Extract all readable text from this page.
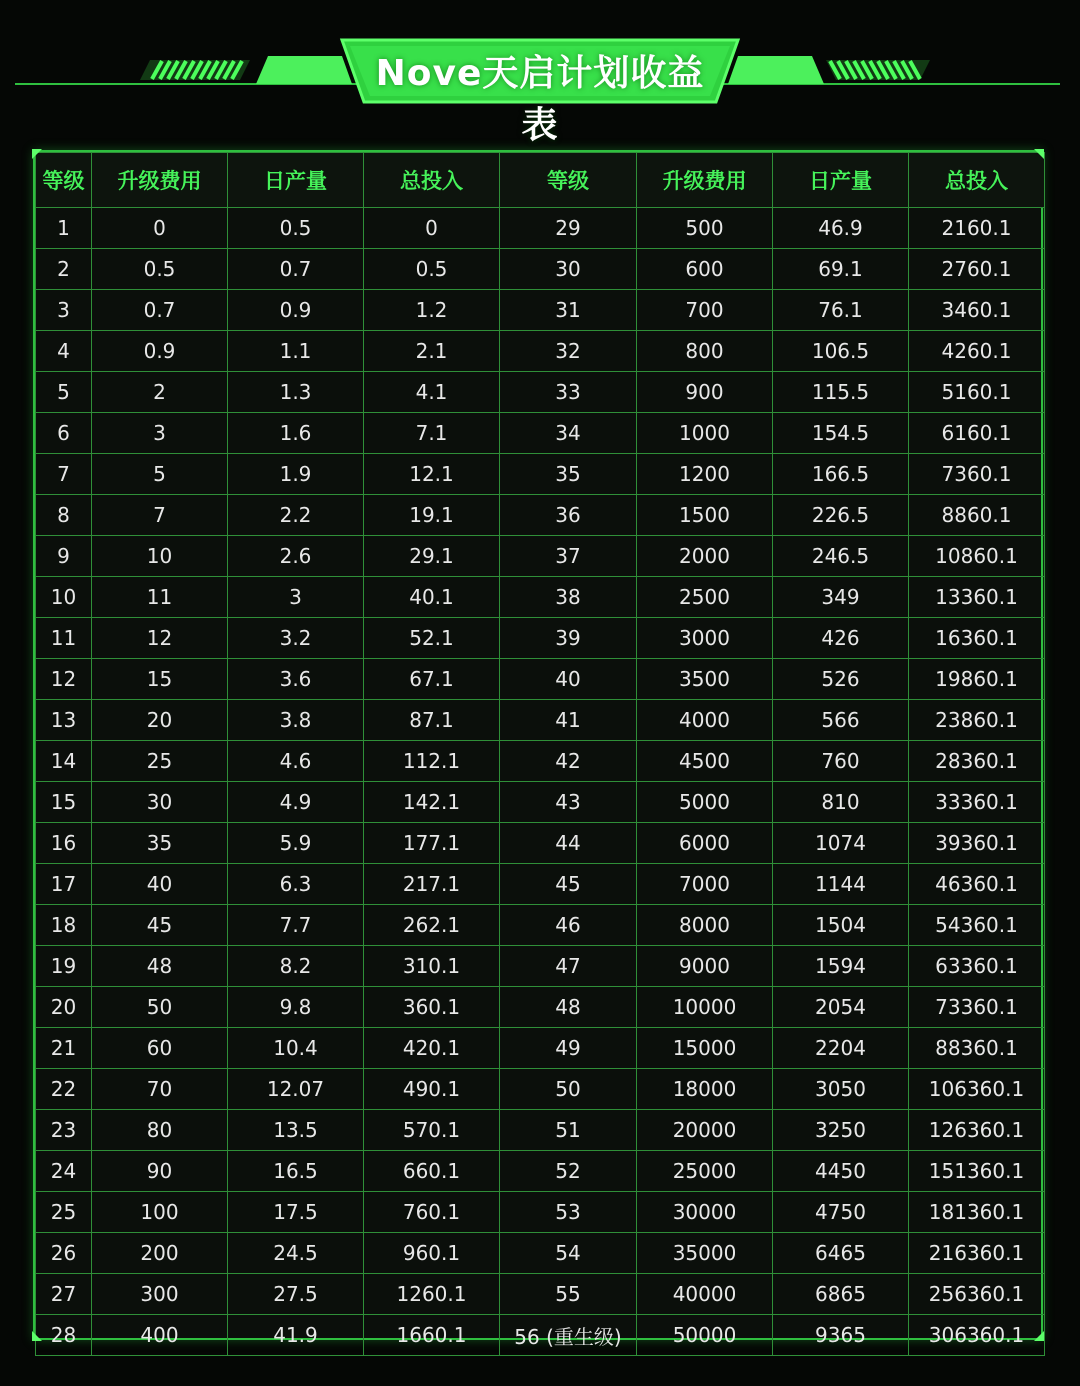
Nove天启计划收益表
等级	升级费用	日产量	总投入	等级	升级费用	日产量	总投入
1	0	0.5	0	29	500	46.9	2160.1
2	0.5	0.7	0.5	30	600	69.1	2760.1
3	0.7	0.9	1.2	31	700	76.1	3460.1
4	0.9	1.1	2.1	32	800	106.5	4260.1
5	2	1.3	4.1	33	900	115.5	5160.1
6	3	1.6	7.1	34	1000	154.5	6160.1
7	5	1.9	12.1	35	1200	166.5	7360.1
8	7	2.2	19.1	36	1500	226.5	8860.1
9	10	2.6	29.1	37	2000	246.5	10860.1
10	11	3	40.1	38	2500	349	13360.1
11	12	3.2	52.1	39	3000	426	16360.1
12	15	3.6	67.1	40	3500	526	19860.1
13	20	3.8	87.1	41	4000	566	23860.1
14	25	4.6	112.1	42	4500	760	28360.1
15	30	4.9	142.1	43	5000	810	33360.1
16	35	5.9	177.1	44	6000	1074	39360.1
17	40	6.3	217.1	45	7000	1144	46360.1
18	45	7.7	262.1	46	8000	1504	54360.1
19	48	8.2	310.1	47	9000	1594	63360.1
20	50	9.8	360.1	48	10000	2054	73360.1
21	60	10.4	420.1	49	15000	2204	88360.1
22	70	12.07	490.1	50	18000	3050	106360.1
23	80	13.5	570.1	51	20000	3250	126360.1
24	90	16.5	660.1	52	25000	4450	151360.1
25	100	17.5	760.1	53	30000	4750	181360.1
26	200	24.5	960.1	54	35000	6465	216360.1
27	300	27.5	1260.1	55	40000	6865	256360.1
28	400	41.9	1660.1	56 (重生级)	50000	9365	306360.1
